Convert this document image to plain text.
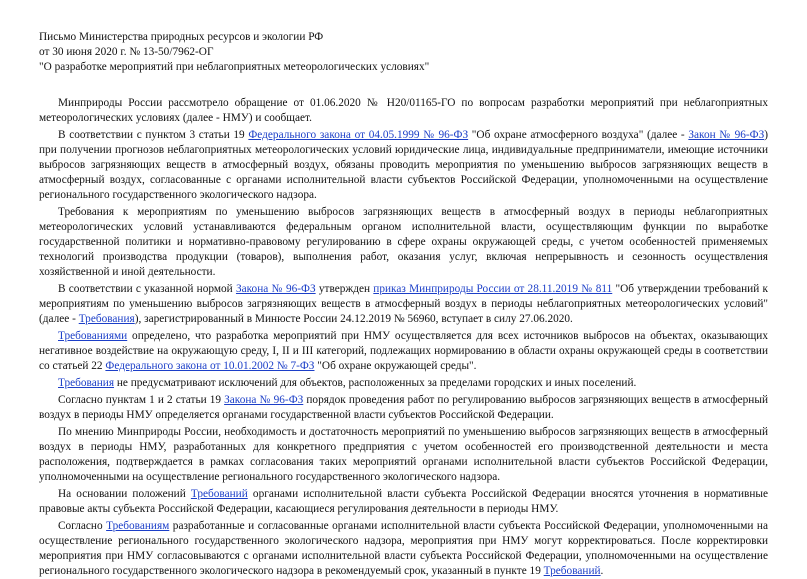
Письмо Министерства природных ресурсов и экологии РФ
от 30 июня 2020 г. № 13-50/7962-ОГ
"О разработке мероприятий при неблагоприятных метеорологических условиях"

Минприроды России рассмотрело обращение от 01.06.2020 № Н20/01165-ГО по вопросам разработки мероприятий при неблагоприятных метеорологических условиях (далее - НМУ) и сообщает.

В соответствии с пунктом 3 статьи 19 Федерального закона от 04.05.1999 № 96-ФЗ "Об охране атмосферного воздуха" (далее - Закон № 96-ФЗ) при получении прогнозов неблагоприятных метеорологических условий юридические лица, индивидуальные предприниматели, имеющие источники выбросов загрязняющих веществ в атмосферный воздух, обязаны проводить мероприятия по уменьшению выбросов загрязняющих веществ в атмосферный воздух, согласованные с органами исполнительной власти субъектов Российской Федерации, уполномоченными на осуществление регионального государственного экологического надзора.

Требования к мероприятиям по уменьшению выбросов загрязняющих веществ в атмосферный воздух в периоды неблагоприятных метеорологических условий устанавливаются федеральным органом исполнительной власти, осуществляющим функции по выработке государственной политики и нормативно-правовому регулированию в сфере охраны окружающей среды, с учетом особенностей применяемых технологий производства продукции (товаров), выполнения работ, оказания услуг, включая непрерывность и сезонность осуществления хозяйственной и иной деятельности.

В соответствии с указанной нормой Закона № 96-ФЗ утвержден приказ Минприроды России от 28.11.2019 № 811 "Об утверждении требований к мероприятиям по уменьшению выбросов загрязняющих веществ в атмосферный воздух в периоды неблагоприятных метеорологических условий" (далее - Требования), зарегистрированный в Минюсте России 24.12.2019 № 56960, вступает в силу 27.06.2020.

Требованиями определено, что разработка мероприятий при НМУ осуществляется для всех источников выбросов на объектах, оказывающих негативное воздействие на окружающую среду, I, II и III категорий, подлежащих нормированию в области охраны окружающей среды в соответствии со статьей 22 Федерального закона от 10.01.2002 № 7-ФЗ "Об охране окружающей среды".

Требования не предусматривают исключений для объектов, расположенных за пределами городских и иных поселений.

Согласно пунктам 1 и 2 статьи 19 Закона № 96-ФЗ порядок проведения работ по регулированию выбросов загрязняющих веществ в атмосферный воздух в периоды НМУ определяется органами государственной власти субъектов Российской Федерации.

По мнению Минприроды России, необходимость и достаточность мероприятий по уменьшению выбросов загрязняющих веществ в атмосферный воздух в периоды НМУ, разработанных для конкретного предприятия с учетом особенностей его производственной деятельности и места расположения, подтверждается в рамках согласования таких мероприятий органами исполнительной власти субъектов Российской Федерации, уполномоченными на осуществление регионального государственного экологического надзора.

На основании положений Требований органами исполнительной власти субъекта Российской Федерации вносятся уточнения в нормативные правовые акты субъекта Российской Федерации, касающиеся регулирования деятельности в периоды НМУ.

Согласно Требованиям разработанные и согласованные органами исполнительной власти субъекта Российской Федерации, уполномоченными на осуществление регионального государственного экологического надзора, мероприятия при НМУ могут корректироваться. После корректировки мероприятия при НМУ согласовываются с органами исполнительной власти субъекта Российской Федерации, уполномоченными на осуществление регионального государственного экологического надзора в рекомендуемый срок, указанный в пункте 19 Требований.
